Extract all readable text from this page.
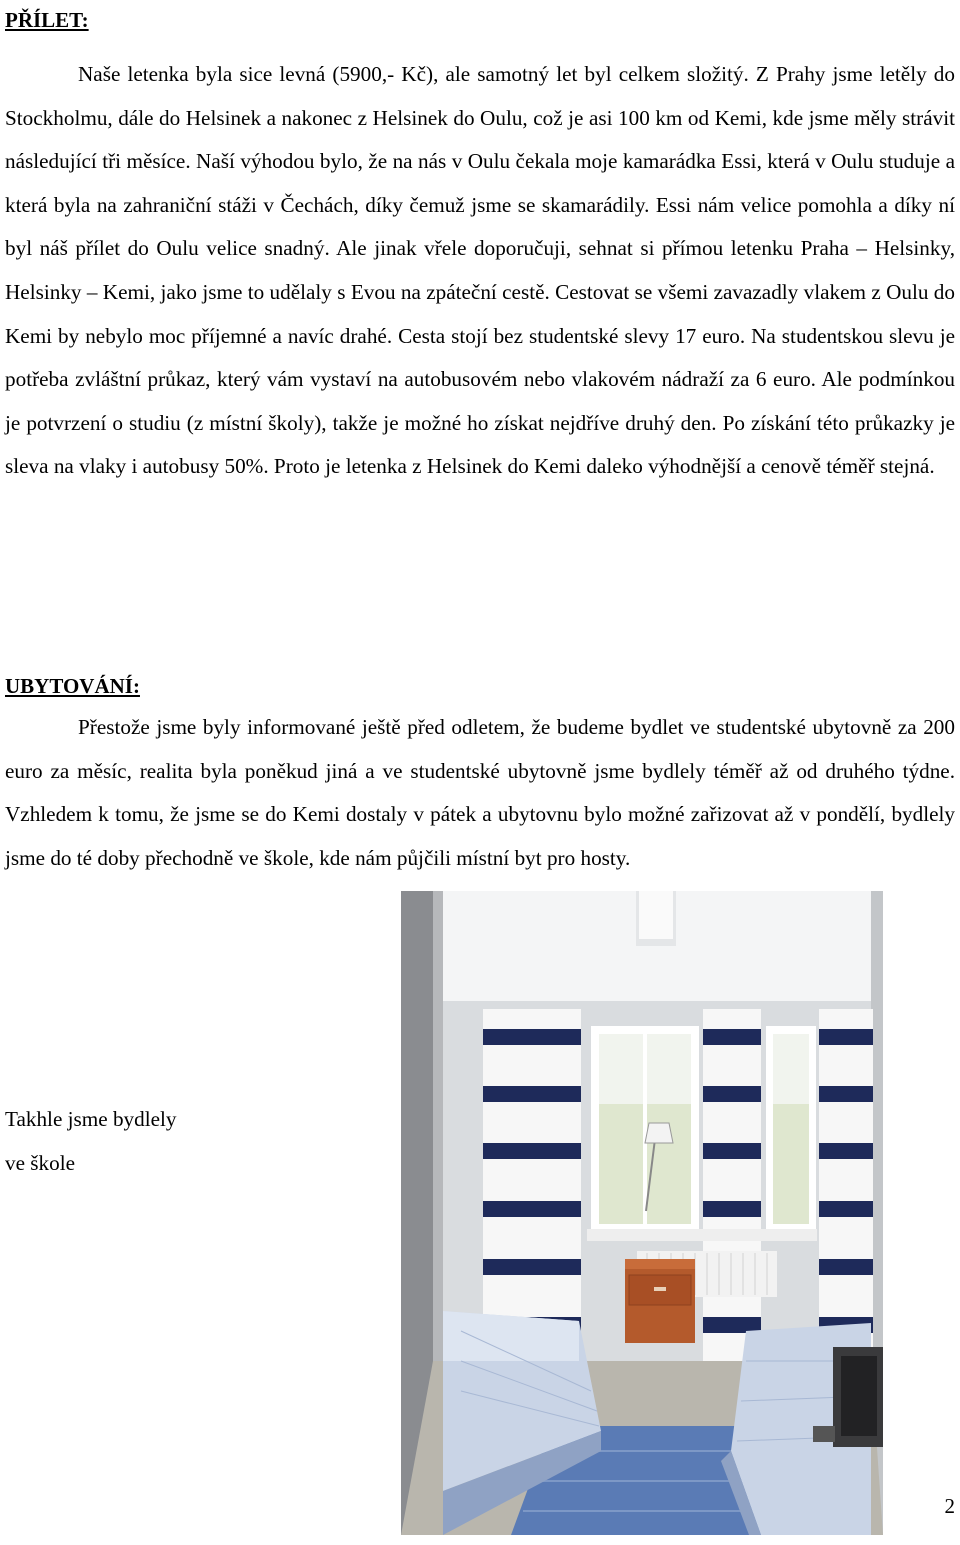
PŘÍLET:

Naše letenka byla sice levná (5900,- Kč), ale samotný let byl celkem složitý. Z Prahy jsme letěly do Stockholmu, dále do Helsinek a nakonec z Helsinek do Oulu, což je asi 100 km od Kemi, kde jsme měly strávit následující tři měsíce. Naší výhodou bylo, že na nás v Oulu čekala moje kamarádka Essi, která v Oulu studuje a která byla na zahraniční stáži v Čechách, díky čemuž jsme se skamarádily. Essi nám velice pomohla a díky ní byl náš přílet do Oulu velice snadný. Ale jinak vřele doporučuji, sehnat si přímou letenku Praha – Helsinky, Helsinky – Kemi, jako jsme to udělaly s Evou na zpáteční cestě. Cestovat se všemi zavazadly vlakem z Oulu do Kemi by nebylo moc příjemné a navíc drahé. Cesta stojí bez studentské slevy 17 euro. Na studentskou slevu je potřeba zvláštní průkaz, který vám vystaví na autobusovém nebo vlakovém nádraží za 6 euro. Ale podmínkou je potvrzení o studiu (z místní školy), takže je možné ho získat nejdříve druhý den. Po získání této průkazky je sleva na vlaky i autobusy 50%. Proto je letenka z Helsinek do Kemi daleko výhodnější a cenově téměř stejná.

UBYTOVÁNÍ:

Přestože jsme byly informované ještě před odletem, že budeme bydlet ve studentské ubytovně za 200 euro za měsíc, realita byla poněkud jiná a ve studentské ubytovně jsme bydlely téměř až od druhého týdne. Vzhledem k tomu, že jsme se do Kemi dostaly v pátek a ubytovnu bylo možné zařizovat až v pondělí, bydlely jsme do té doby přechodně ve škole, kde nám půjčili místní byt pro hosty.

Takhle jsme bydlely
ve škole

2
